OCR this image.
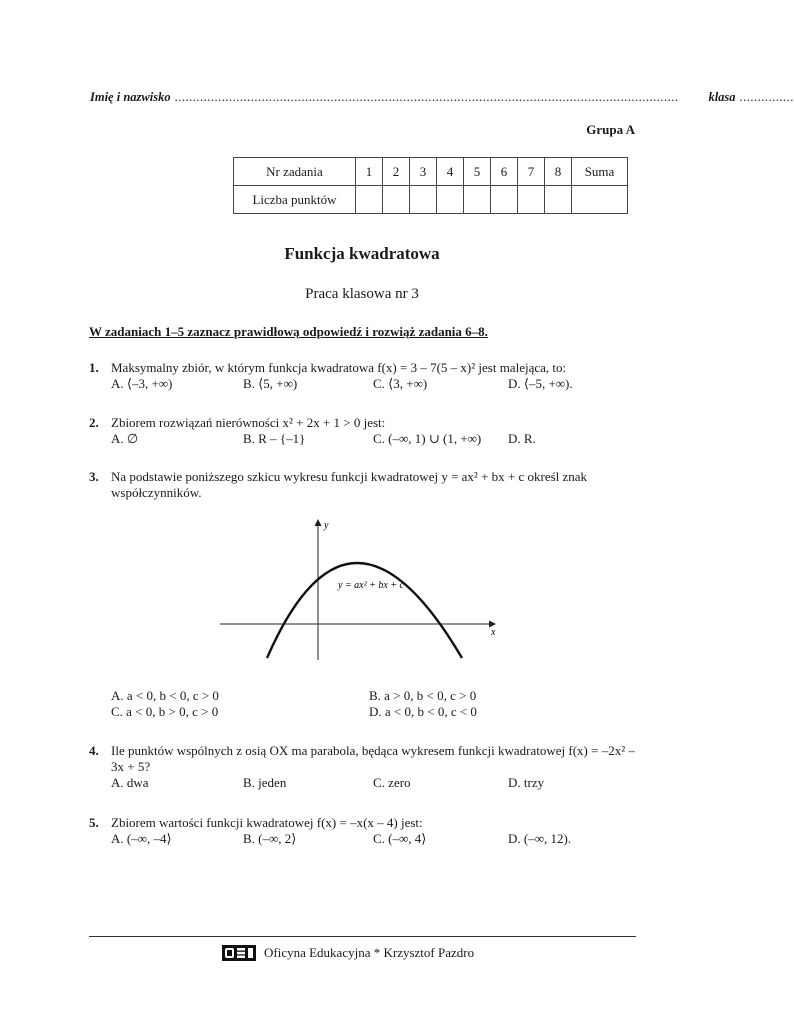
Imię i nazwisko ........................................................................................................................................... klasa ...............
Grupa A
Nr zadania	1	2	3	4	5	6	7	8	Suma
Liczba punktów									
Funkcja kwadratowa
Praca klasowa nr 3
W zadaniach 1–5 zaznacz prawidłową odpowiedź i rozwiąż zadania 6–8.
1. Maksymalny zbiór, w którym funkcja kwadratowa f(x) = 3 – 7(5 – x)² jest malejąca, to:
A. ⟨–3, +∞)	B. ⟨5, +∞)	C. ⟨3, +∞)	D. ⟨–5, +∞).
2. Zbiorem rozwiązań nierówności x² + 2x + 1 > 0 jest:
A. ∅	B. R – {–1}	C. (–∞, 1) ∪ (1, +∞)	D. R.
3. Na podstawie poniższego szkicu wykresu funkcji kwadratowej y = ax² + bx + c określ znak współczynników.
x
y
y = ax² + bx + c
A. a < 0, b < 0, c > 0	B. a > 0, b < 0, c > 0
C. a < 0, b > 0, c > 0	D. a < 0, b < 0, c < 0
4. Ile punktów wspólnych z osią OX ma parabola, będąca wykresem funkcji kwadratowej f(x) = –2x² – 3x + 5?
A. dwa	B. jeden	C. zero	D. trzy
5. Zbiorem wartości funkcji kwadratowej f(x) = –x(x – 4) jest:
A. (–∞, –4⟩	B. (–∞, 2⟩	C. (–∞, 4⟩	D. (–∞, 12).
Oficyna Edukacyjna * Krzysztof Pazdro
